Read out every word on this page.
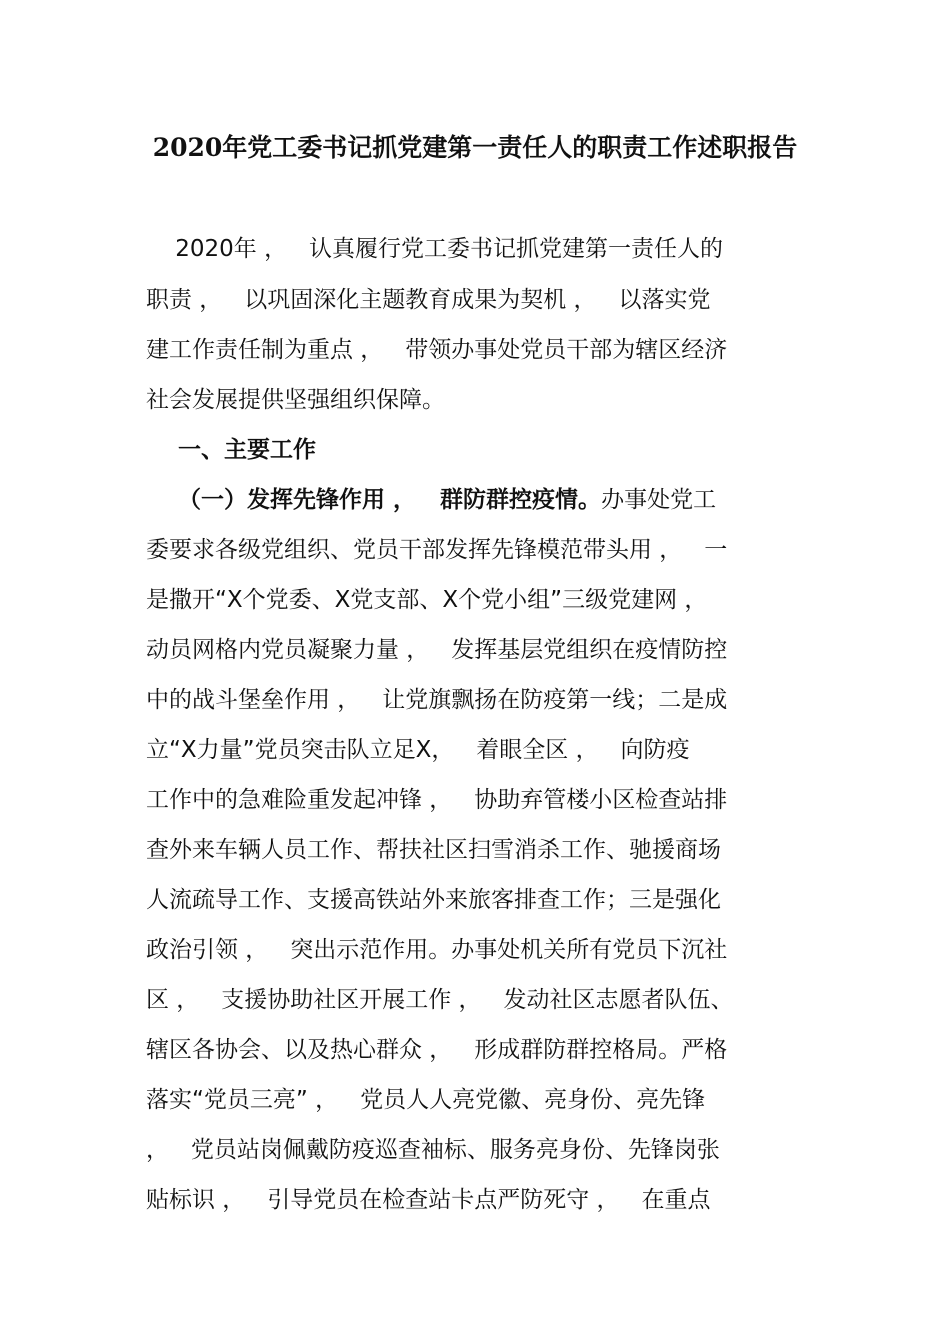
2020年党工委书记抓党建第一责任人的职责工作述职报告
2020年 ，   认真履行党工委书记抓党建第一责任人的
职责 ，   以巩固深化主题教育成果为契机 ，   以落实党
建工作责任制为重点 ，   带领办事处党员干部为辖区经济
社会发展提供坚强组织保障。
一、主要工作
（一）发挥先锋作用 ，   群防群控疫情。办事处党工
委要求各级党组织、党员干部发挥先锋模范带头用 ，   一
是撒开“X个党委、X党支部、X个党小组”三级党建网 ，
动员网格内党员凝聚力量 ，   发挥基层党组织在疫情防控
中的战斗堡垒作用 ，   让党旗飘扬在防疫第一线；二是成
立“X力量”党员突击队立足X，   着眼全区 ，   向防疫
工作中的急难险重发起冲锋 ，   协助弃管楼小区检查站排
查外来车辆人员工作、帮扶社区扫雪消杀工作、驰援商场
人流疏导工作、支援高铁站外来旅客排查工作；三是强化
政治引领 ，   突出示范作用。办事处机关所有党员下沉社
区 ，   支援协助社区开展工作 ，   发动社区志愿者队伍、
辖区各协会、以及热心群众 ，   形成群防群控格局。严格
落实“党员三亮” ，   党员人人亮党徽、亮身份、亮先锋
，   党员站岗佩戴防疫巡查袖标、服务亮身份、先锋岗张
贴标识 ，   引导党员在检查站卡点严防死守 ，   在重点
